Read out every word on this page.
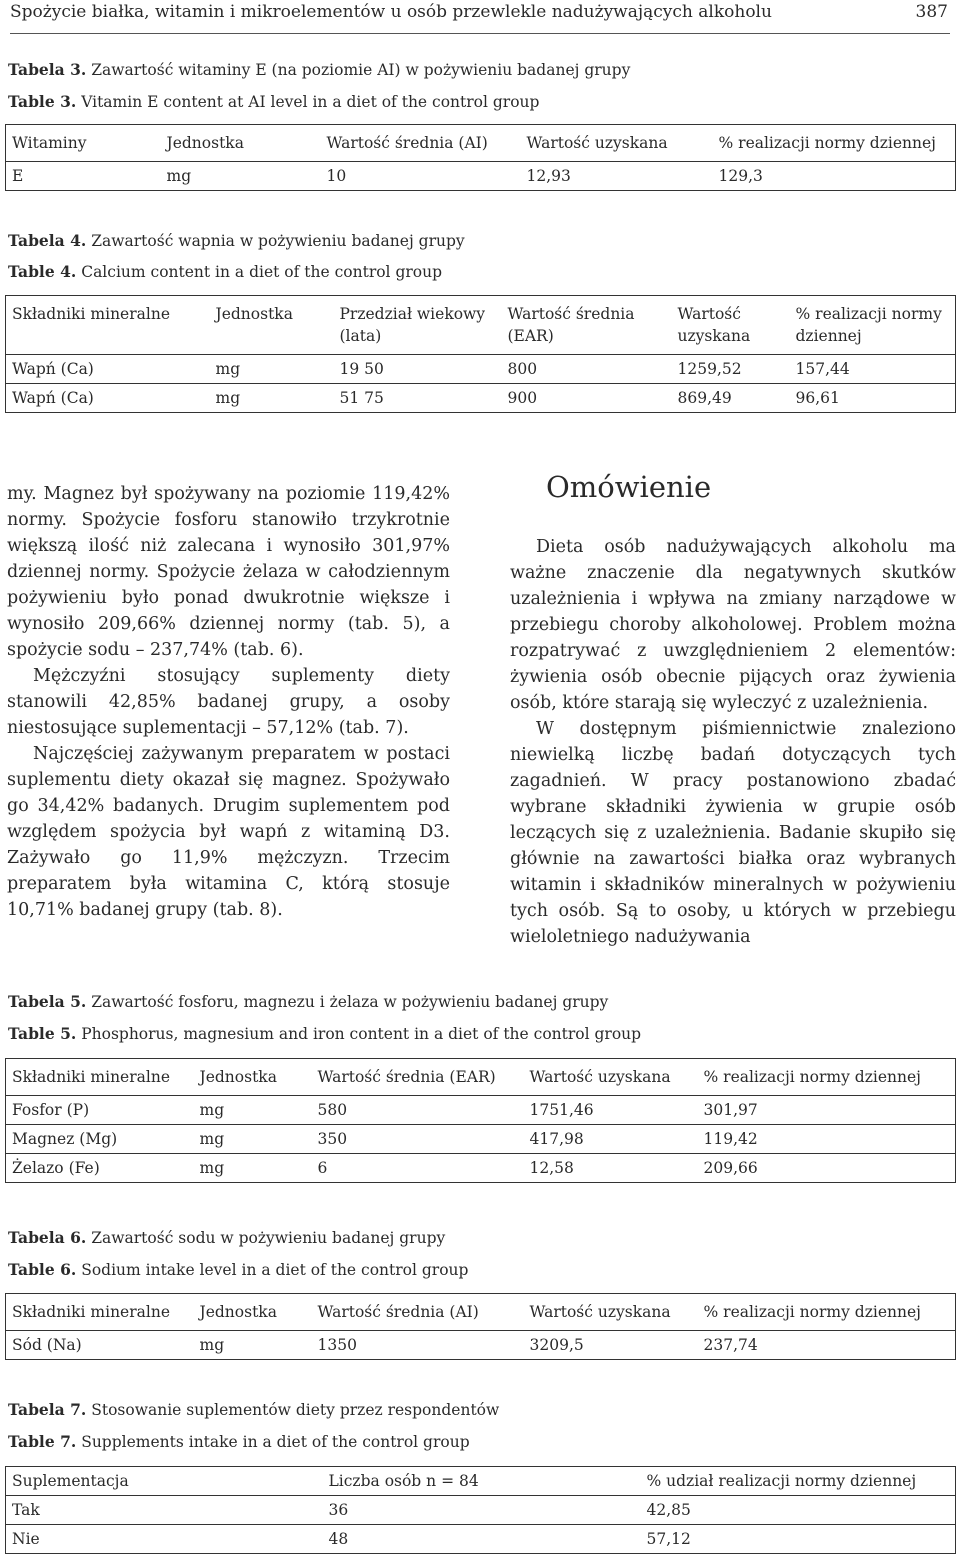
Spożycie białka, witamin i mikroelementów u osób przewlekle nadużywających alkoholu	387
Tabela 3. Zawartość witaminy E (na poziomie AI) w pożywieniu badanej grupy
Table 3. Vitamin E content at AI level in a diet of the control group
Witaminy	Jednostka	Wartość średnia (AI)	Wartość uzyskana	% realizacji normy dziennej
E	mg	10	12,93	129,3
Tabela 4. Zawartość wapnia w pożywieniu badanej grupy
Table 4. Calcium content in a diet of the control group
Składniki mineralne	Jednostka	Przedział wiekowy (lata)	Wartość średnia (EAR)	Wartość uzyskana	% realizacji normy dziennej
Wapń (Ca)	mg	19 50	800	1259,52	157,44
Wapń (Ca)	mg	51 75	900	869,49	96,61

my. Magnez był spożywany na poziomie 119,42% normy. Spożycie fosforu stanowiło trzykrotnie większą ilość niż zalecana i wynosiło 301,97% dziennej normy. Spożycie żelaza w całodziennym pożywieniu było ponad dwukrotnie większe i wynosiło 209,66% dziennej normy (tab. 5), a spożycie sodu – 237,74% (tab. 6).

Mężczyźni stosujący suplementy diety stanowili 42,85% badanej grupy, a osoby niestosujące suplementacji – 57,12% (tab. 7).

Najczęściej zażywanym preparatem w postaci suplementu diety okazał się magnez. Spożywało go 34,42% badanych. Drugim suplementem pod względem spożycia był wapń z witaminą D3. Zażywało go 11,9% mężczyzn. Trzecim preparatem była witamina C, którą stosuje 10,71% badanej grupy (tab. 8).

Omówienie

Dieta osób nadużywających alkoholu ma ważne znaczenie dla negatywnych skutków uzależnienia i wpływa na zmiany narządowe w przebiegu choroby alkoholowej. Problem można rozpatrywać z uwzględnieniem 2 elementów: żywienia osób obecnie pijących oraz żywienia osób, które starają się wyleczyć z uzależnienia.

W dostępnym piśmiennictwie znaleziono niewielką liczbę badań dotyczących tych zagadnień. W pracy postanowiono zbadać wybrane składniki żywienia w grupie osób leczących się z uzależnienia. Badanie skupiło się głównie na zawartości białka oraz wybranych witamin i składników mineralnych w pożywieniu tych osób. Są to osoby, u których w przebiegu wieloletniego nadużywania

Tabela 5. Zawartość fosforu, magnezu i żelaza w pożywieniu badanej grupy
Table 5. Phosphorus, magnesium and iron content in a diet of the control group
Składniki mineralne	Jednostka	Wartość średnia (EAR)	Wartość uzyskana	% realizacji normy dziennej
Fosfor (P)	mg	580	1751,46	301,97
Magnez (Mg)	mg	350	417,98	119,42
Żelazo (Fe)	mg	6	12,58	209,66
Tabela 6. Zawartość sodu w pożywieniu badanej grupy
Table 6. Sodium intake level in a diet of the control group
Składniki mineralne	Jednostka	Wartość średnia (AI)	Wartość uzyskana	% realizacji normy dziennej
Sód (Na)	mg	1350	3209,5	237,74
Tabela 7. Stosowanie suplementów diety przez respondentów
Table 7. Supplements intake in a diet of the control group
Suplementacja	Liczba osób n = 84	% udział realizacji normy dziennej
Tak	36	42,85
Nie	48	57,12
